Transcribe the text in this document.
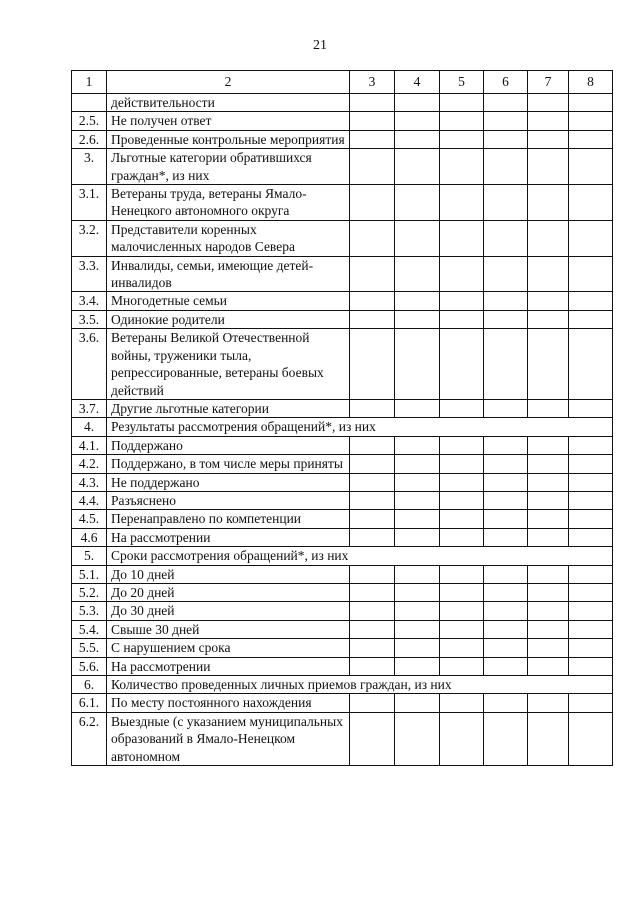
21
1	2	3	4	5	6	7	8
	действительности						
2.5.	Не получен ответ						
2.6.	Проведенные контрольные мероприятия						
3.	Льготные категории обратившихся граждан*, из них						
3.1.	Ветераны труда, ветераны Ямало-Ненецкого автономного округа						
3.2.	Представители коренных малочисленных народов Севера						
3.3.	Инвалиды, семьи, имеющие детей-инвалидов						
3.4.	Многодетные семьи						
3.5.	Одинокие родители						
3.6.	Ветераны Великой Отечественной войны, труженики тыла, репрессированные, ветераны боевых действий						
3.7.	Другие льготные категории						
4.	Результаты рассмотрения обращений*, из них						
4.1.	Поддержано						
4.2.	Поддержано, в том числе меры приняты						
4.3.	Не поддержано						
4.4.	Разъяснено						
4.5.	Перенаправлено по компетенции						
4.6	На рассмотрении						
5.	Сроки рассмотрения обращений*, из них						
5.1.	До 10 дней						
5.2.	До 20 дней						
5.3.	До 30 дней						
5.4.	Свыше 30 дней						
5.5.	С нарушением срока						
5.6.	На рассмотрении						
6.	Количество проведенных личных приемов граждан, из них						
6.1.	По месту постоянного нахождения						
6.2.	Выездные (с указанием муниципальных образований в Ямало-Ненецком автономном						
